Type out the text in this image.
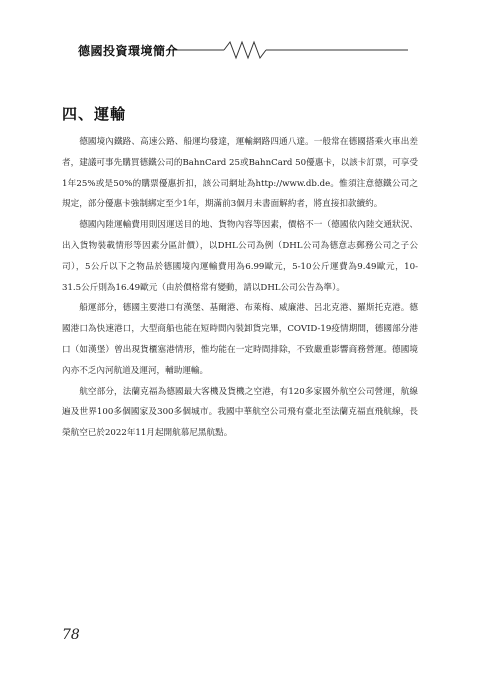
德國投資環境簡介
四、運輸

德國境內鐵路、高速公路、船運均發達，運輸網路四通八達。一般常在德國搭乘火車出差者，建議可事先購買德鐵公司的BahnCard 25或BahnCard 50優惠卡，以該卡訂票，可享受1年25%或是50%的購票優惠折扣，該公司網址為http://www.db.de。惟須注意德鐵公司之規定，部分優惠卡強制綁定至少1年，期滿前3個月未書面解約者，將直接扣款續約。

德國內陸運輸費用則因運送目的地、貨物內容等因素，價格不一（德國依內陸交通狀況、出入貨物裝載情形等因素分區計價），以DHL公司為例（DHL公司為德意志郵務公司之子公司），5公斤以下之物品於德國境內運輸費用為6.99歐元，5-10公斤運費為9.49歐元，10-31.5公斤則為16.49歐元（由於價格常有變動，請以DHL公司公告為準）。

船運部分，德國主要港口有漢堡、基爾港、布萊梅、威廉港、呂北克港、羅斯托克港。德國港口為快速港口，大型商船也能在短時間內裝卸貨完畢，COVID-19疫情期間，德國部分港口（如漢堡）曾出現貨櫃塞港情形，惟均能在一定時間排除，不致嚴重影響商務營運。德國境內亦不乏內河航道及運河，輔助運輸。

航空部分，法蘭克福為德國最大客機及貨機之空港，有120多家國外航空公司營運，航線遍及世界100多個國家及300多個城市。我國中華航空公司飛有臺北至法蘭克福直飛航線，長榮航空已於2022年11月起開航慕尼黑航點。

78
